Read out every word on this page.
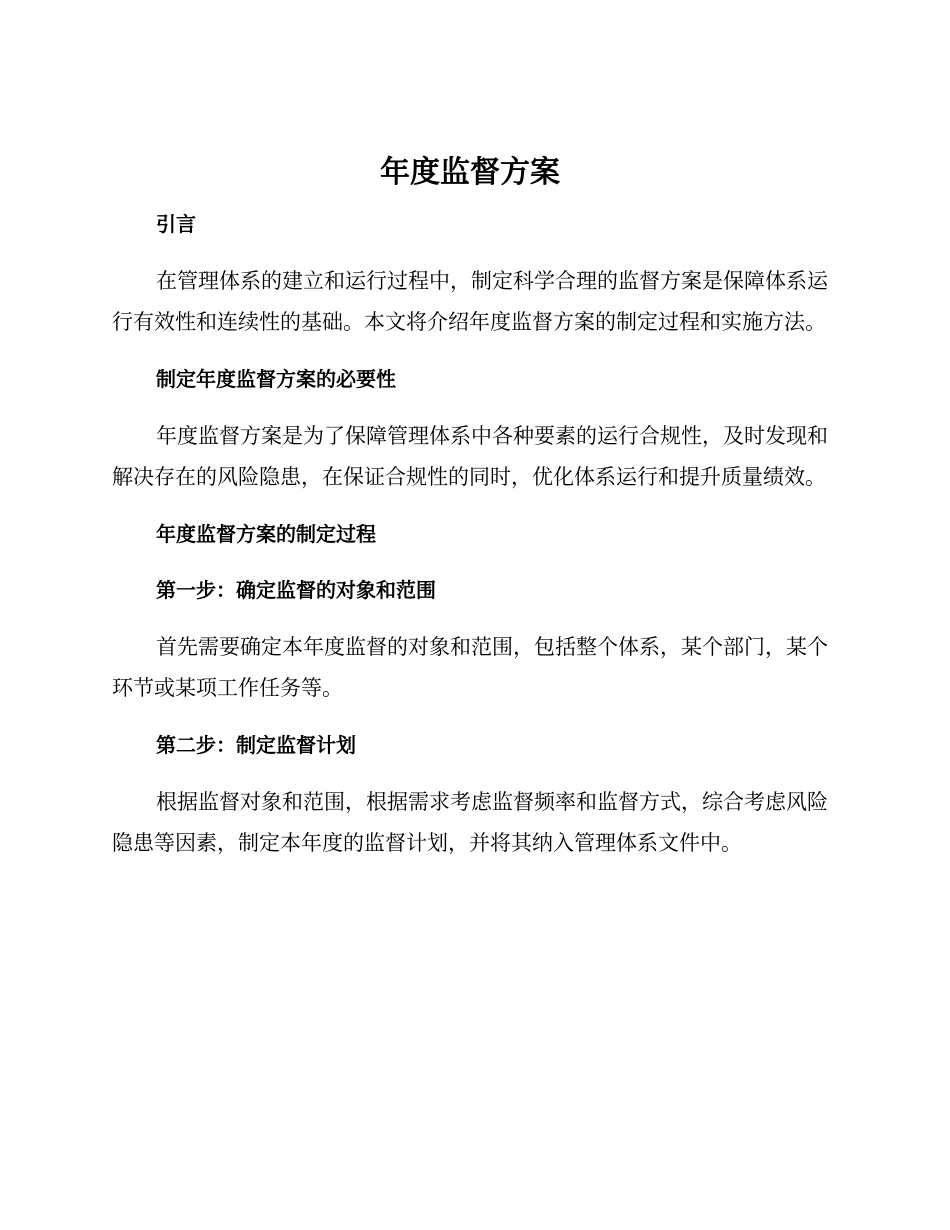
年度监督方案
引言

在管理体系的建立和运行过程中，制定科学合理的监督方案是保障体系运行有效性和连续性的基础。本文将介绍年度监督方案的制定过程和实施方法。

制定年度监督方案的必要性

年度监督方案是为了保障管理体系中各种要素的运行合规性，及时发现和解决存在的风险隐患，在保证合规性的同时，优化体系运行和提升质量绩效。

年度监督方案的制定过程
第一步：确定监督的对象和范围

首先需要确定本年度监督的对象和范围，包括整个体系，某个部门，某个环节或某项工作任务等。

第二步：制定监督计划

根据监督对象和范围，根据需求考虑监督频率和监督方式，综合考虑风险隐患等因素，制定本年度的监督计划，并将其纳入管理体系文件中。
